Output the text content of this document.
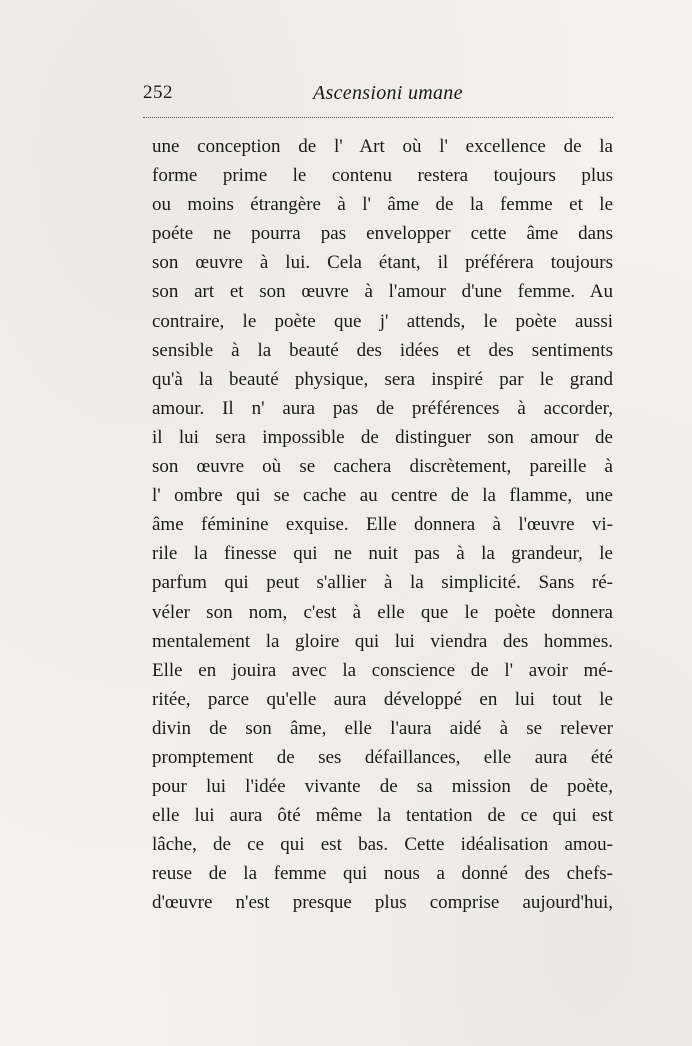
252	Ascensioni umane
une conception de l' Art où l' excellence de la
forme prime le contenu restera toujours plus
ou moins étrangère à l' âme de la femme et le
poéte ne pourra pas envelopper cette âme dans
son œuvre à lui. Cela étant, il préférera toujours
son art et son œuvre à l'amour d'une femme. Au
contraire, le poète que j' attends, le poète aussi
sensible à la beauté des idées et des sentiments
qu'à la beauté physique, sera inspiré par le grand
amour. Il n' aura pas de préférences à accorder,
il lui sera impossible de distinguer son amour de
son œuvre où se cachera discrètement, pareille à
l' ombre qui se cache au centre de la flamme, une
âme féminine exquise. Elle donnera à l'œuvre vi-
rile la finesse qui ne nuit pas à la grandeur, le
parfum qui peut s'allier à la simplicité. Sans ré-
véler son nom, c'est à elle que le poète donnera
mentalement la gloire qui lui viendra des hommes.
Elle en jouira avec la conscience de l' avoir mé-
ritée, parce qu'elle aura développé en lui tout le
divin de son âme, elle l'aura aidé à se relever
promptement de ses défaillances, elle aura été
pour lui l'idée vivante de sa mission de poète,
elle lui aura ôté même la tentation de ce qui est
lâche, de ce qui est bas. Cette idéalisation amou-
reuse de la femme qui nous a donné des chefs-
d'œuvre n'est presque plus comprise aujourd'hui,
